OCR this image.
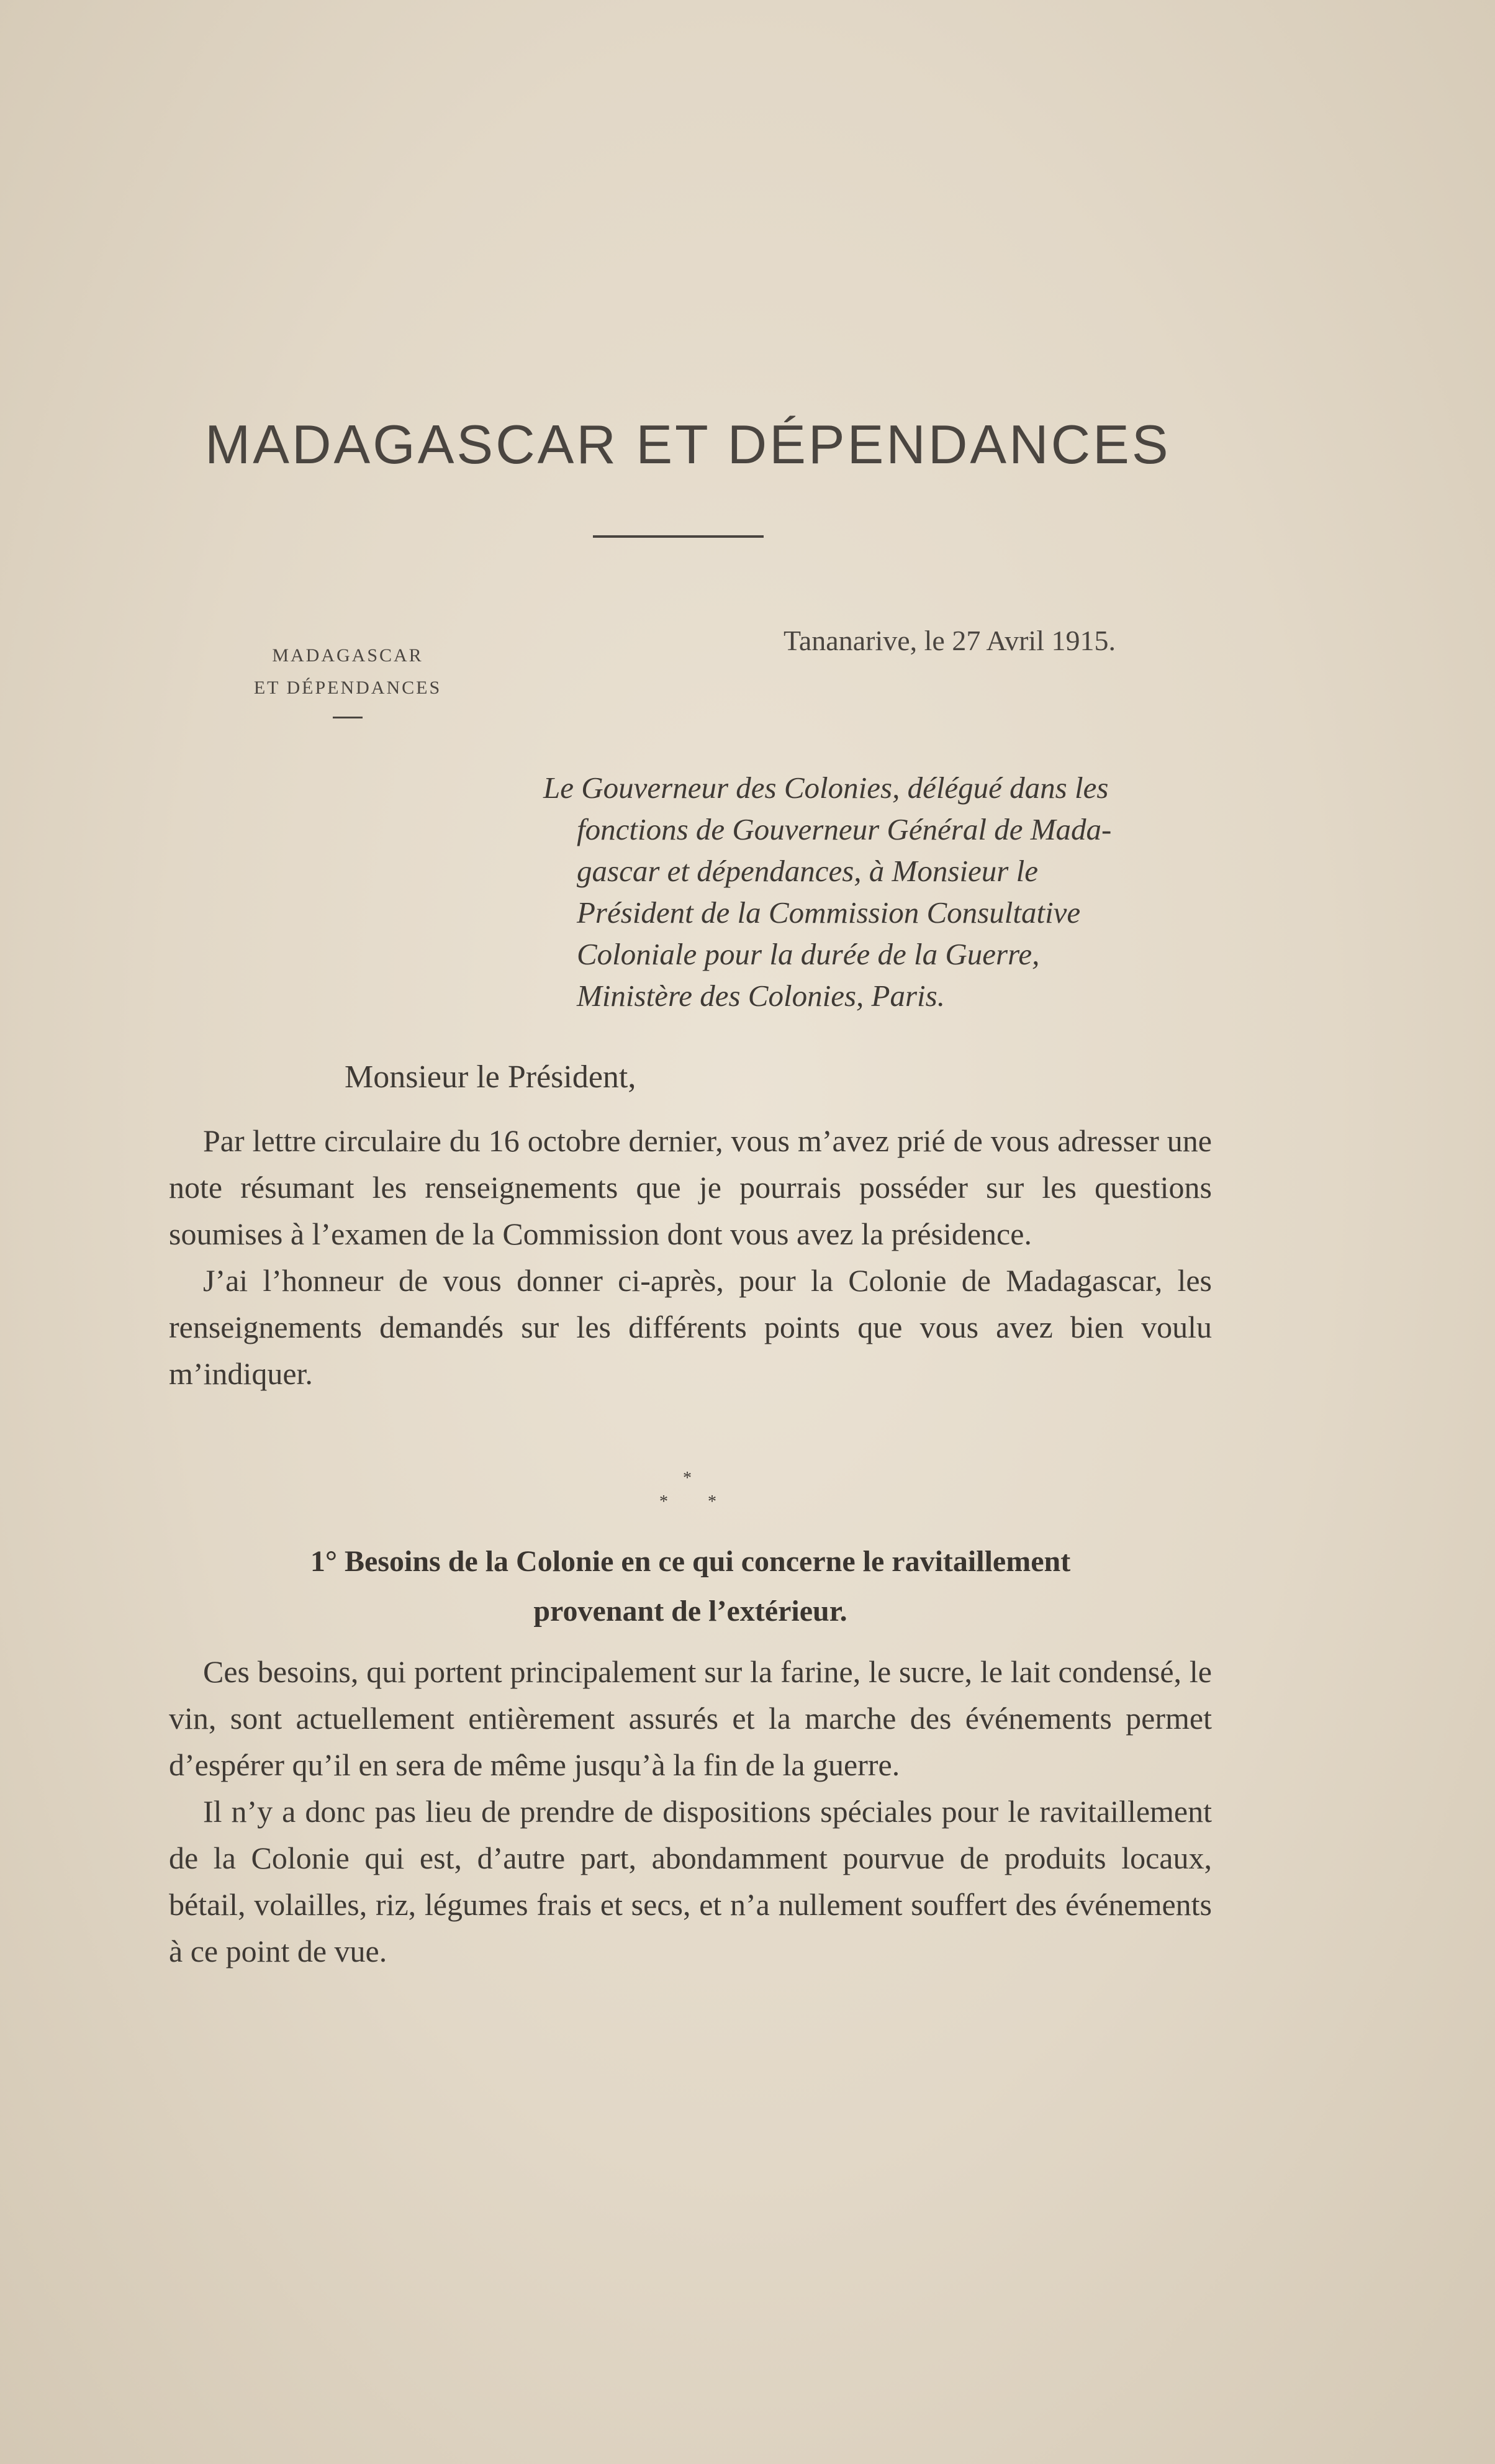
MADAGASCAR ET DÉPENDANCES
MADAGASCAR
ET DÉPENDANCES
Tananarive, le 27 Avril 1915.
Le Gouverneur des Colonies, délégué dans les
fonctions de Gouverneur Général de Mada-
gascar et dépendances, à Monsieur le
Président de la Commission Consultative
Coloniale pour la durée de la Guerre,
Ministère des Colonies, Paris.
Monsieur le Président,

Par lettre circulaire du 16 octobre dernier, vous m’avez prié de vous adresser une note résumant les renseignements que je pourrais posséder sur les questions soumises à l’examen de la Commission dont vous avez la présidence.

J’ai l’honneur de vous donner ci-après, pour la Colonie de Madagascar, les renseignements demandés sur les différents points que vous avez bien voulu m’indiquer.

*
* *
1° Besoins de la Colonie en ce qui concerne le ravitaillement
provenant de l’extérieur.

Ces besoins, qui portent principalement sur la farine, le sucre, le lait condensé, le vin, sont actuellement entièrement assurés et la marche des événements permet d’espérer qu’il en sera de même jusqu’à la fin de la guerre.

Il n’y a donc pas lieu de prendre de dispositions spéciales pour le ravitaillement de la Colonie qui est, d’autre part, abondamment pourvue de produits locaux, bétail, volailles, riz, légumes frais et secs, et n’a nullement souffert des événements à ce point de vue.
